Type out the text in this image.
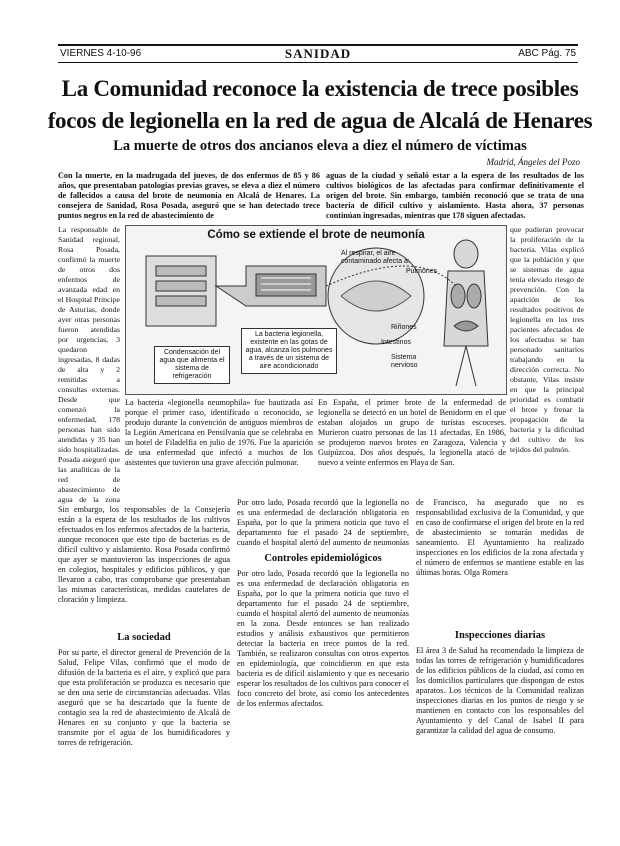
VIERNES 4-10-96	SANIDAD	ABC Pág. 75
La Comunidad reconoce la existencia de trece posibles
focos de legionella en la red de agua de Alcalá de Henares
La muerte de otros dos ancianos eleva a diez el número de víctimas
Madrid, Ángeles del Pozo
Con la muerte, en la madrugada del jueves, de dos enfermos de 85 y 86 años, que presentaban patologías previas graves, se eleva a diez el número de fallecidos a causa del brote de neumonía en Alcalá de Henares. La consejera de Sanidad, Rosa Posada, aseguró que se han detectado trece puntos negros en la red de abastecimiento de
aguas de la ciudad y señaló estar a la espera de los resultados de los cultivos biológicos de las afectadas para confirmar definitivamente el origen del brote. Sin embargo, también reconoció que se trata de una bacteria de difícil cultivo y aislamiento. Hasta ahora, 37 personas continúan ingresadas, mientras que 178 siguen afectadas.
La responsable de Sanidad regional, Rosa Posada, confirmó la muerte de otros dos enfermos de avanzada edad en el Hospital Príncipe de Asturias, donde ayer otras personas fueron atendidas por urgencias, 3 quedaron ingresadas, 8 dadas de alta y 2 remitidas a consultas externas. Desde que comenzó la enfermedad, 178 personas han sido atendidas y 35 han sido hospitalizadas. Posada aseguró que las analíticas de la red de abastecimiento de agua de la zona
que pudieran provocar la proliferación de la bacteria. Vilas explicó que la población y que se sistemas de agua tenía elevado riesgo de prevención. Con la aparición de los resultados positivos de legionella en los tres pacientes afectados de los afectados se han personado sanitarios trabajando en la dirección correcta. No obstante, Vilas insiste en que la principal prioridad es combatir el brote y frenar la propagación de la bacteria y la dificultad del cultivo de los tejidos del pulmón.
Cómo se extiende el brote de neumonía
Al respirar, el aire contaminado afecta a:
Pulmones
Riñones
Intestinos
Sistema nervioso
Condensación del agua que alimenta el sistema de refrigeración
La bacteria legionella, existente en las gotas de agua, alcanza los pulmones a través de un sistema de aire acondicionado
La bacteria «legionella neumophila» fue bautizada así porque el primer caso, identificado o reconocido, se produjo durante la convención de antiguos miembros de la Legión Americana en Pensilvania que se celebraba en un hotel de Filadelfia en julio de 1976. Fue la aparición de una enfermedad que infectó a muchos de los asistentes que tuvieron una grave afección pulmonar.
En España, el primer brote de la enfermedad de legionella se detectó en un hotel de Benidorm en el que estaban alojados un grupo de turistas escoceses. Murieron cuatro personas de las 11 afectadas. En 1986, se produjeron nuevos brotes en Zaragoza, Valencia y Guipúzcoa. Dos años después, la legionella atacó de nuevo a veinte enfermos en Playa de San.
Sin embargo, los responsables de la Consejería están a la espera de los resultados de los cultivos efectuados en los enfermos afectados de la bacteria, aunque reconocen que este tipo de bacterias es de difícil cultivo y aislamiento. Rosa Posada confirmó que ayer se mantuvieron las inspecciones de agua en colegios, hospitales y edificios públicos, y que llevaron a cabo, tras comprobarse que presentaban las mismas características, medidas cautelares de cloración y limpieza.
La sociedad
Por su parte, el director general de Prevención de la Salud, Felipe Vilas, confirmó que el modo de difusión de la bacteria es el aire, y explicó que para que esta proliferación se produzca es necesario que se den una serie de circunstancias adecuadas. Vilas aseguró que se ha descartado que la fuente de contagio sea la red de abastecimiento de Alcalá de Henares en su conjunto y que la bacteria se transmite por el agua de los humidificadores y torres de refrigeración.
Por otro lado, Posada recordó que la legionella no es una enfermedad de declaración obligatoria en España, por lo que la primera noticia que tuvo el departamento fue el pasado 24 de septiembre, cuando el hospital alertó del aumento de neumonías
Controles epidemiológicos
Por otro lado, Posada recordó que la legionella no es una enfermedad de declaración obligatoria en España, por lo que la primera noticia que tuvo el departamento fue el pasado 24 de septiembre, cuando el hospital alertó del aumento de neumonías en la zona. Desde entonces se han realizado estudios y análisis exhaustivos que permitieron detectar la bacteria en trece puntos de la red. También, se realizaron consultas con otros expertos en epidemiología, que coincidieron en que esta bacteria es de difícil aislamiento y que es necesario esperar los resultados de los cultivos para conocer el foco concreto del brote, así como los antecedentes de los enfermos afectados.
de Francisco, ha asegurado que no es responsabilidad exclusiva de la Comunidad, y que en caso de confirmarse el origen del brote en la red de abastecimiento se tomarán medidas de saneamiento. El Ayuntamiento ha realizado inspecciones en los edificios de la zona afectada y el número de enfermos se mantiene estable en las últimas horas. Olga Romera
Inspecciones diarias
El área 3 de Salud ha recomendado la limpieza de todas las torres de refrigeración y humidificadores de los edificios públicos de la ciudad, así como en los domicilios particulares que dispongan de estos aparatos. Los técnicos de la Comunidad realizan inspecciones diarias en los puntos de riesgo y se mantienen en contacto con los responsables del Ayuntamiento y del Canal de Isabel II para garantizar la calidad del agua de consumo.
